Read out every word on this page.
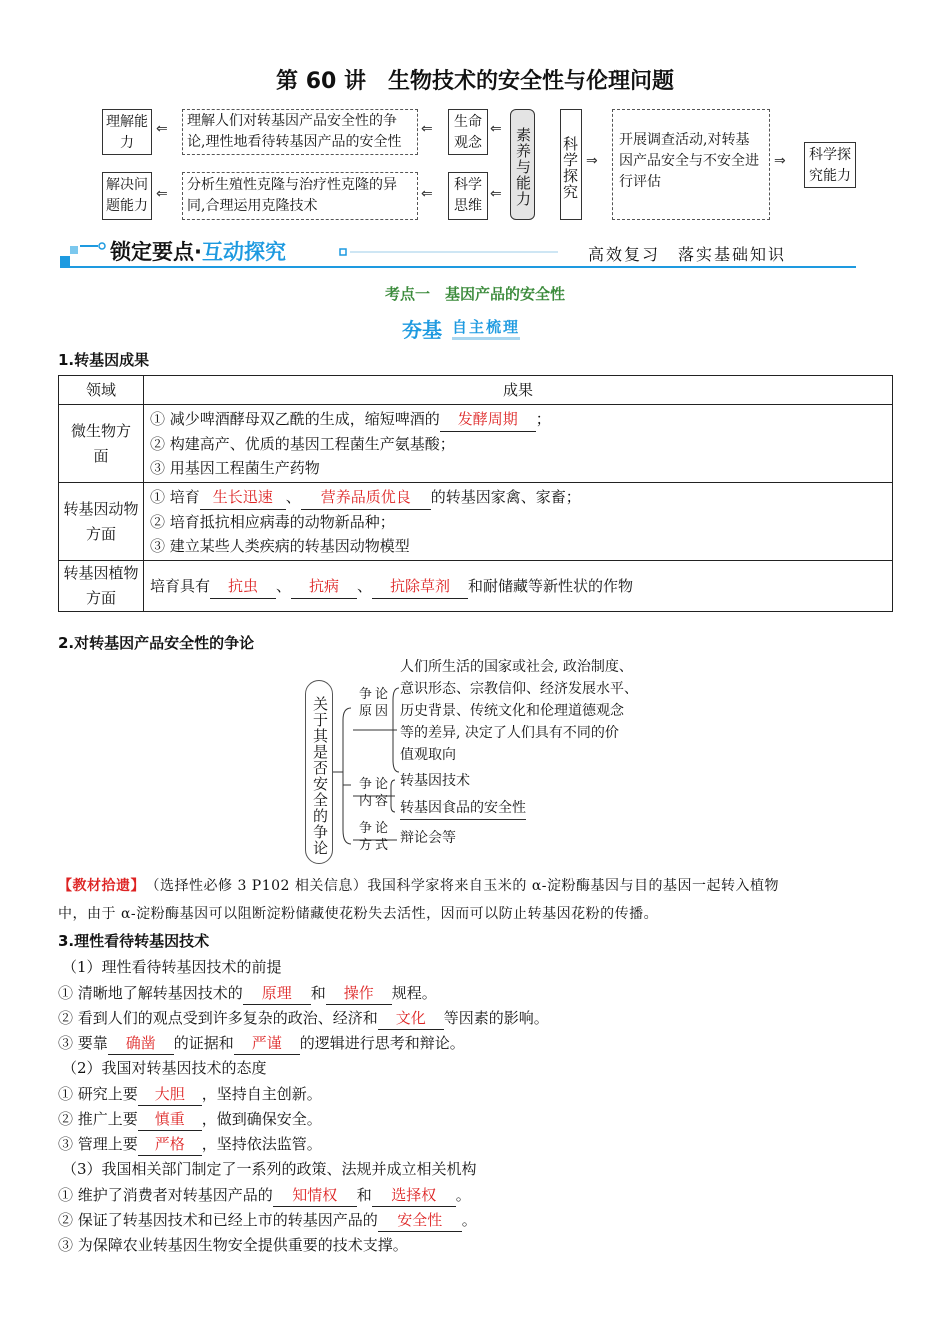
第 60 讲　生物技术的安全性与伦理问题
理解能力
解决问题能力
⇐
⇐
理解人们对转基因产品安全性的争论,理性地看待转基因产品的安全性
分析生殖性克隆与治疗性克隆的异同,合理运用克隆技术
⇐
⇐
生命观念
科学思维
⇐
⇐ 素养与能力 科学探究 ⇒
开展调查活动,对转基因产品安全与不安全进行评估
⇒	科学探究能力
锁定要点·互动探究	高效复习　落实基础知识
考点一　基因产品的安全性
夯基 自主梳理
1.转基因成果
领域	成果
微生物方面	① 减少啤酒酵母双乙酰的生成，缩短啤酒的 发酵周期 ；
② 构建高产、优质的基因工程菌生产氨基酸；
③ 用基因工程菌生产药物

转基因动物方面	① 培育 生长迅速 、 营养品质优良 的转基因家禽、家畜；
② 培育抵抗相应病毒的动物新品种；
③ 建立某些人类疾病的转基因动物模型

转基因植物方面	培育具有 抗虫 、 抗病 、 抗除草剂 和耐储藏等新性状的作物
2.对转基因产品安全性的争论
关于其是否安全的争论
争论原因
争论内容
争论方式
人们所生活的国家或社会, 政治制度、
意识形态、宗教信仰、经济发展水平、
历史背景、传统文化和伦理道德观念
等的差异, 决定了人们具有不同的价
值观取向
转基因技术
转基因食品的安全性
辩论会等
【教材拾遗】　 （选择性必修 3 P102 相关信息）我国科学家将来自玉米的 α-淀粉酶基因与目的基因一起转入植物
中，由于 α-淀粉酶基因可以阻断淀粉储藏使花粉失去活性，因而可以防止转基因花粉的传播。
3.理性看待转基因技术
（1）理性看待转基因技术的前提
① 清晰地了解转基因技术的 原理 和 操作 规程。
② 看到人们的观点受到许多复杂的政治、经济和 文化 等因素的影响。
③ 要靠 确凿 的证据和 严谨 的逻辑进行思考和辩论。
（2）我国对转基因技术的态度
① 研究上要 大胆 ，坚持自主创新。
② 推广上要 慎重 ，做到确保安全。
③ 管理上要 严格 ，坚持依法监管。
（3）我国相关部门制定了一系列的政策、法规并成立相关机构
① 维护了消费者对转基因产品的 知情权 和 选择权 。
② 保证了转基因技术和已经上市的转基因产品的 安全性 。
③ 为保障农业转基因生物安全提供重要的技术支撑。
